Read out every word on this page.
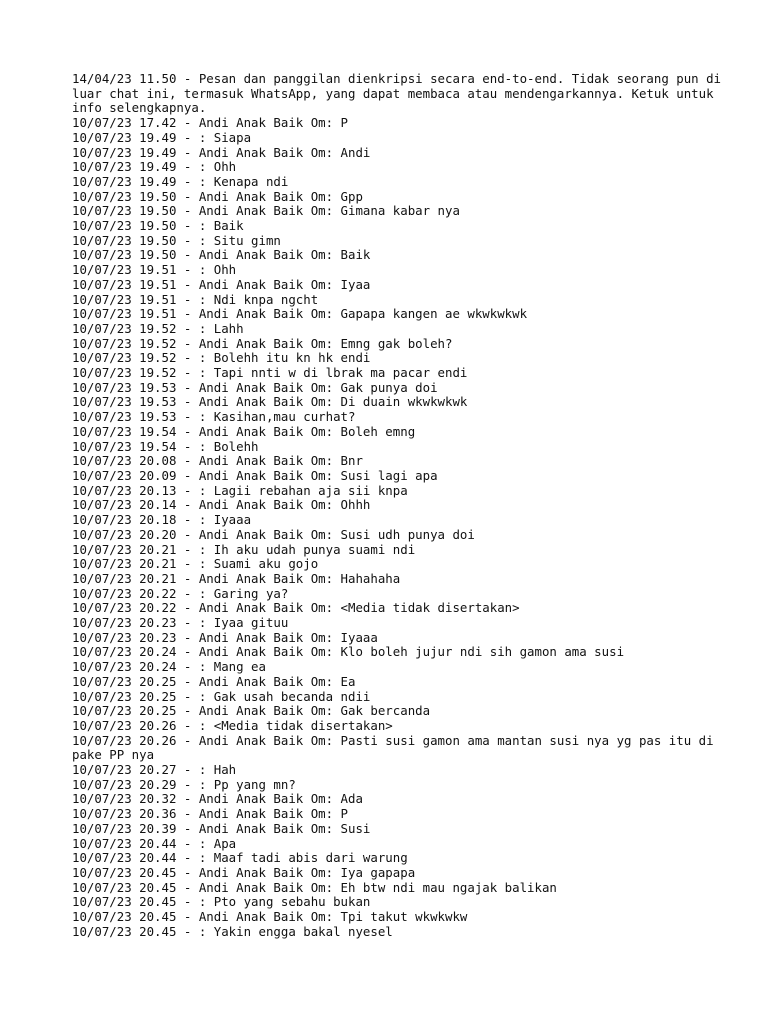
14/04/23 11.50 - Pesan dan panggilan dienkripsi secara end-to-end. Tidak seorang pun di luar chat ini, termasuk WhatsApp, yang dapat membaca atau mendengarkannya. Ketuk untuk info selengkapnya.

10/07/23 17.42 - Andi Anak Baik Om: P

10/07/23 19.49 - : Siapa

10/07/23 19.49 - Andi Anak Baik Om: Andi

10/07/23 19.49 - : Ohh

10/07/23 19.49 - : Kenapa ndi

10/07/23 19.50 - Andi Anak Baik Om: Gpp

10/07/23 19.50 - Andi Anak Baik Om: Gimana kabar nya

10/07/23 19.50 - : Baik

10/07/23 19.50 - : Situ gimn

10/07/23 19.50 - Andi Anak Baik Om: Baik

10/07/23 19.51 - : Ohh

10/07/23 19.51 - Andi Anak Baik Om: Iyaa

10/07/23 19.51 - : Ndi knpa ngcht

10/07/23 19.51 - Andi Anak Baik Om: Gapapa kangen ae wkwkwkwk

10/07/23 19.52 - : Lahh

10/07/23 19.52 - Andi Anak Baik Om: Emng gak boleh?

10/07/23 19.52 - : Bolehh itu kn hk endi

10/07/23 19.52 - : Tapi nnti w di lbrak ma pacar endi

10/07/23 19.53 - Andi Anak Baik Om: Gak punya doi

10/07/23 19.53 - Andi Anak Baik Om: Di duain wkwkwkwk

10/07/23 19.53 - : Kasihan,mau curhat?

10/07/23 19.54 - Andi Anak Baik Om: Boleh emng

10/07/23 19.54 - : Bolehh

10/07/23 20.08 - Andi Anak Baik Om: Bnr

10/07/23 20.09 - Andi Anak Baik Om: Susi lagi apa

10/07/23 20.13 - : Lagii rebahan aja sii knpa

10/07/23 20.14 - Andi Anak Baik Om: Ohhh

10/07/23 20.18 - : Iyaaa

10/07/23 20.20 - Andi Anak Baik Om: Susi udh punya doi

10/07/23 20.21 - : Ih aku udah punya suami ndi

10/07/23 20.21 - : Suami aku gojo

10/07/23 20.21 - Andi Anak Baik Om: Hahahaha

10/07/23 20.22 - : Garing ya?

10/07/23 20.22 - Andi Anak Baik Om: <Media tidak disertakan>

10/07/23 20.23 - : Iyaa gituu

10/07/23 20.23 - Andi Anak Baik Om: Iyaaa

10/07/23 20.24 - Andi Anak Baik Om: Klo boleh jujur ndi sih gamon ama susi

10/07/23 20.24 - : Mang ea

10/07/23 20.25 - Andi Anak Baik Om: Ea

10/07/23 20.25 - : Gak usah becanda ndii

10/07/23 20.25 - Andi Anak Baik Om: Gak bercanda

10/07/23 20.26 - : <Media tidak disertakan>

10/07/23 20.26 - Andi Anak Baik Om: Pasti susi gamon ama mantan susi nya yg pas itu di pake PP nya

10/07/23 20.27 - : Hah

10/07/23 20.29 - : Pp yang mn?

10/07/23 20.32 - Andi Anak Baik Om: Ada

10/07/23 20.36 - Andi Anak Baik Om: P

10/07/23 20.39 - Andi Anak Baik Om: Susi

10/07/23 20.44 - : Apa

10/07/23 20.44 - : Maaf tadi abis dari warung

10/07/23 20.45 - Andi Anak Baik Om: Iya gapapa

10/07/23 20.45 - Andi Anak Baik Om: Eh btw ndi mau ngajak balikan

10/07/23 20.45 - : Pto yang sebahu bukan

10/07/23 20.45 - Andi Anak Baik Om: Tpi takut wkwkwkw

10/07/23 20.45 - : Yakin engga bakal nyesel
